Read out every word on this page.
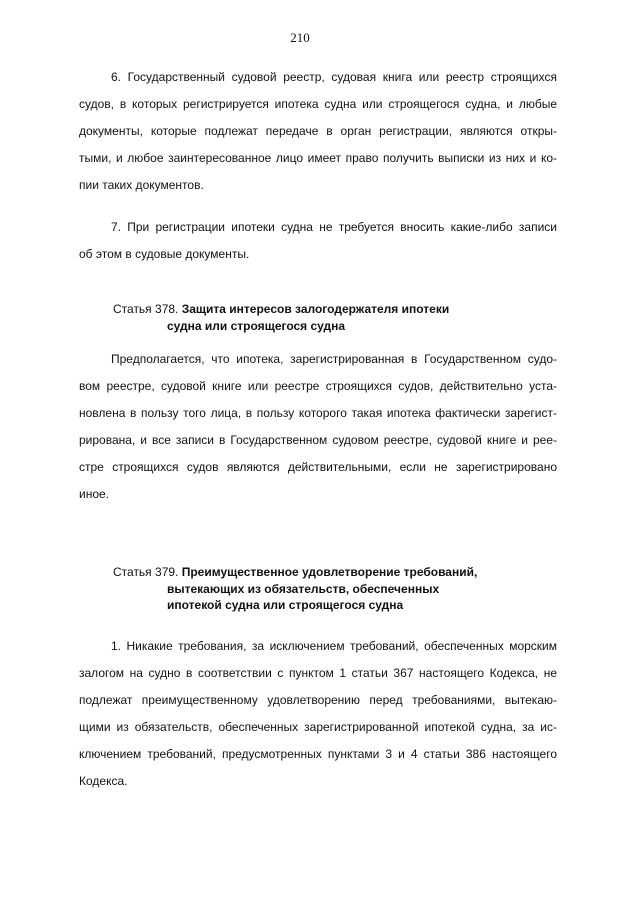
210
6. Государственный судовой реестр, судовая книга или реестр строящихся
судов, в которых регистрируется ипотека судна или строящегося судна, и любые
документы, которые подлежат передаче в орган регистрации, являются откры-
тыми, и любое заинтересованное лицо имеет право получить выписки из них и ко-
пии таких документов.
7. При регистрации ипотеки судна не требуется вносить какие-либо записи
об этом в судовые документы.
Статья 378. Защита интересов залогодержателя ипотеки
судна или строящегося судна
Предполагается, что ипотека, зарегистрированная в Государственном судо-
вом реестре, судовой книге или реестре строящихся судов, действительно уста-
новлена в пользу того лица, в пользу которого такая ипотека фактически зарегист-
рирована, и все записи в Государственном судовом реестре, судовой книге и рее-
стре строящихся судов являются действительными, если не зарегистрировано
иное.
Статья 379. Преимущественное удовлетворение требований,
вытекающих из обязательств, обеспеченных
ипотекой судна или строящегося судна
1. Никакие требования, за исключением требований, обеспеченных морским
залогом на судно в соответствии с пунктом 1 статьи 367 настоящего Кодекса, не
подлежат преимущественному удовлетворению перед требованиями, вытекаю-
щими из обязательств, обеспеченных зарегистрированной ипотекой судна, за ис-
ключением требований, предусмотренных пунктами 3 и 4 статьи 386 настоящего
Кодекса.
